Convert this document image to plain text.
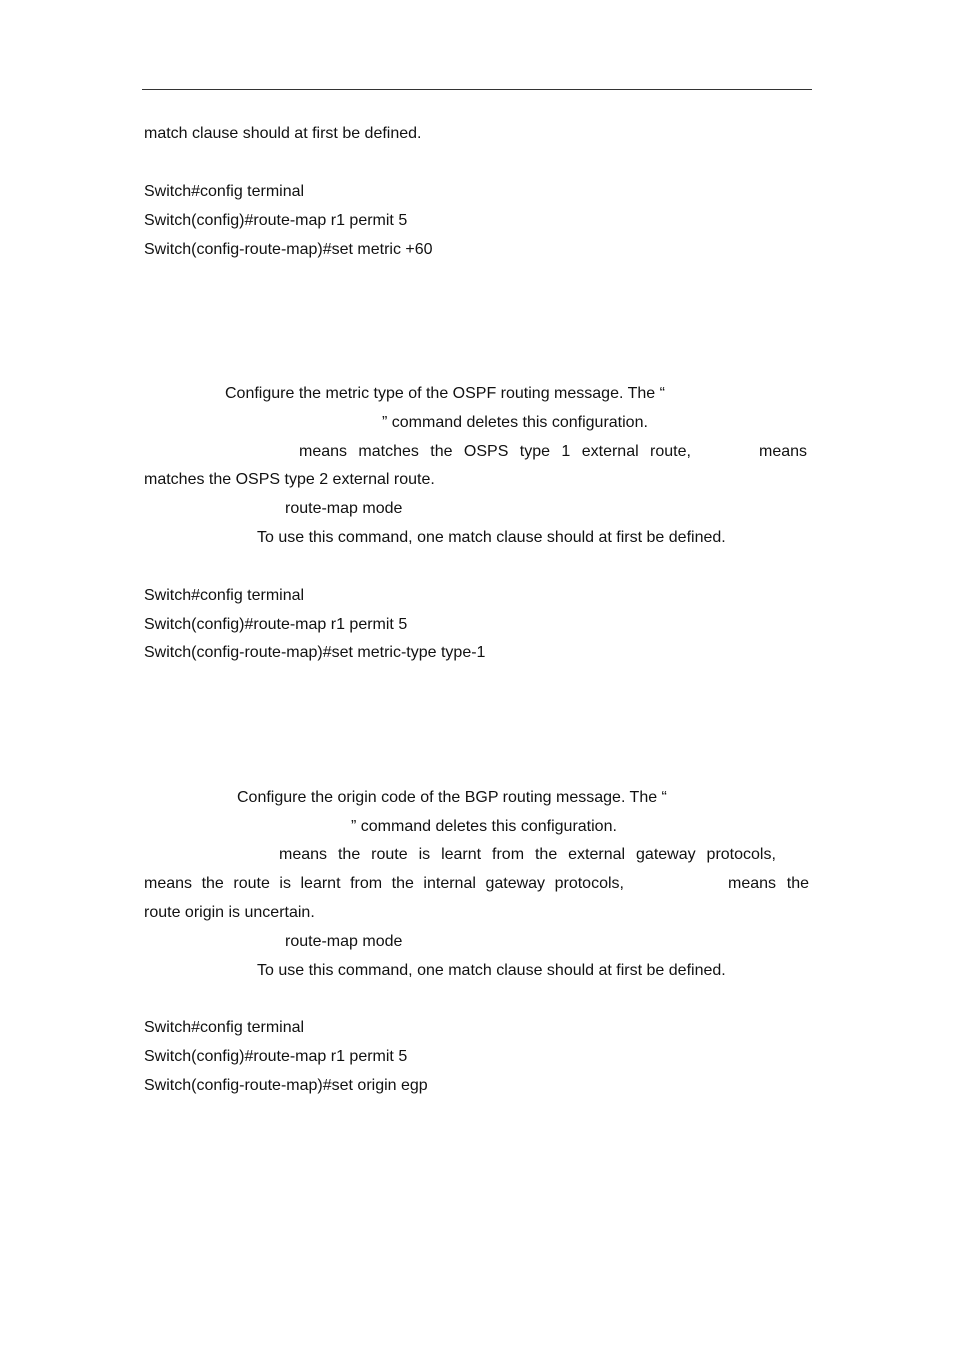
match clause should at first be defined.
Switch#config terminal
Switch(config)#route-map r1 permit 5
Switch(config-route-map)#set metric +60
Configure the metric type of the OSPF routing message. The “
” command deletes this configuration.
means matches the OSPS type 1 external route,	means
matches the OSPS type 2 external route.
route-map mode
To use this command, one match clause should at first be defined.
Switch#config terminal
Switch(config)#route-map r1 permit 5
Switch(config-route-map)#set metric-type type-1
Configure the origin code of the BGP routing message. The “
” command deletes this configuration.
means the route is learnt from the external gateway protocols,
means the route is learnt from the internal gateway protocols,	means the
route origin is uncertain.
route-map mode
To use this command, one match clause should at first be defined.
Switch#config terminal
Switch(config)#route-map r1 permit 5
Switch(config-route-map)#set origin egp
